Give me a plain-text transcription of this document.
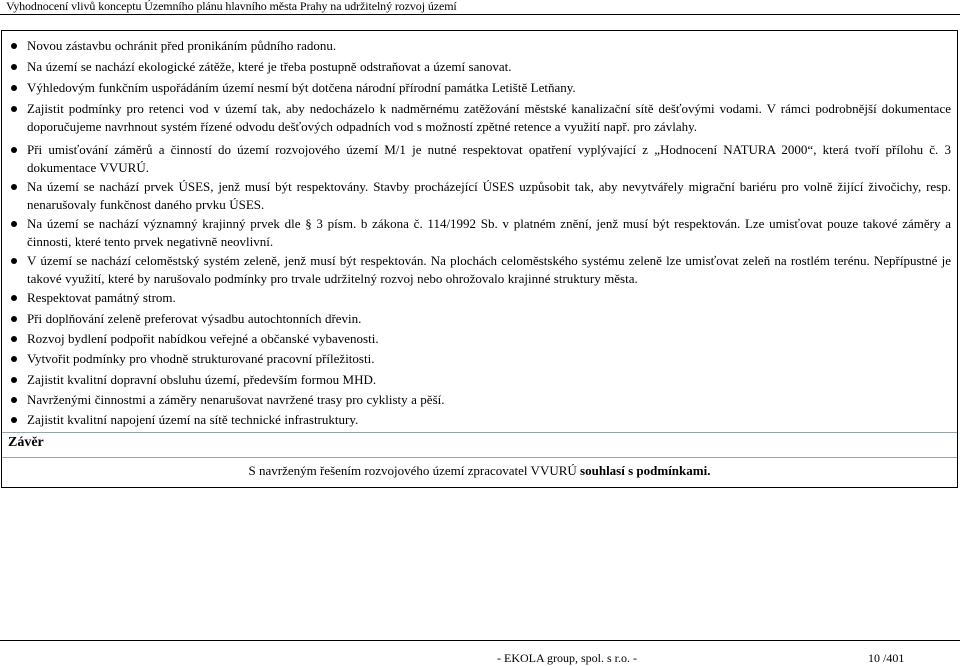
Vyhodnocení vlivů konceptu Územního plánu hlavního města Prahy na udržitelný rozvoj území
Novou zástavbu ochránit před pronikáním půdního radonu.
Na území se nachází ekologické zátěže, které je třeba postupně odstraňovat a území sanovat.
Výhledovým funkčním uspořádáním území nesmí být dotčena národní přírodní památka Letiště Letňany.
Zajistit podmínky pro retenci vod v území tak, aby nedocházelo k nadměrnému zatěžování městské kanalizační sítě dešťovými vodami. V rámci podrobnější dokumentace doporučujeme navrhnout systém řízené odvodu dešťových odpadních vod s možností zpětné retence a využití např. pro závlahy.
Při umisťování záměrů a činností do území rozvojového území M/1 je nutné respektovat opatření vyplývající z „Hodnocení NATURA 2000“, která tvoří přílohu č. 3 dokumentace VVURÚ.
Na území se nachází prvek ÚSES, jenž musí být respektovány. Stavby procházející ÚSES uzpůsobit tak, aby nevytvářely migrační bariéru pro volně žijící živočichy, resp. nenarušovaly funkčnost daného prvku ÚSES.
Na území se nachází významný krajinný prvek dle § 3 písm. b zákona č. 114/1992 Sb. v platném znění, jenž musí být respektován. Lze umisťovat pouze takové záměry a činnosti, které tento prvek negativně neovlivní.
V území se nachází celoměstský systém zeleně, jenž musí být respektován. Na plochách celoměstského systému zeleně lze umisťovat zeleň na rostlém terénu. Nepřípustné je takové využití, které by narušovalo podmínky pro trvale udržitelný rozvoj nebo ohrožovalo krajinné struktury města.
Respektovat památný strom.
Při doplňování zeleně preferovat výsadbu autochtonních dřevin.
Rozvoj bydlení podpořit nabídkou veřejné a občanské vybavenosti.
Vytvořit podmínky pro vhodně strukturované pracovní příležitosti.
Zajistit kvalitní dopravní obsluhu území, především formou MHD.
Navrženými činnostmi a záměry nenarušovat navržené trasy pro cyklisty a pěší.
Zajistit kvalitní napojení území na sítě technické infrastruktury.
Závěr
S navrženým řešením rozvojového území zpracovatel VVURÚ souhlasí s podmínkami.
- EKOLA group, spol. s r.o. -	10 /401
